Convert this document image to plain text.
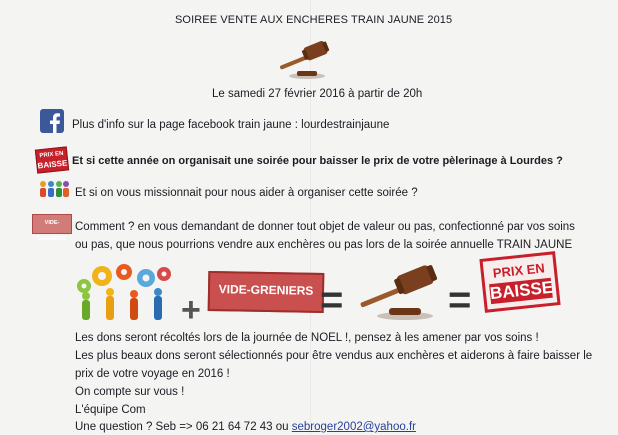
SOIREE VENTE AUX ENCHERES TRAIN JAUNE 2015
Le samedi 27 février 2016 à partir de 20h
Plus d'info sur la page facebook train jaune : lourdestrainjaune
PRIX EN
BAISSE Et si cette année on organisait une soirée pour baisser le prix de votre pèlerinage à Lourdes ?
Et si on vous missionnait pour nous aider à organiser cette soirée ?
VIDE-GRENIERS
Comment ? en vous demandant de donner tout objet de valeur ou pas, confectionné par vos soins
ou pas, que nous pourrions vendre aux enchères ou pas lors de la soirée annuelle TRAIN JAUNE
+
VIDE-GRENIERS =	=
PRIX EN
BAISSE
Les dons seront récoltés lors de la journée de NOEL !, pensez à les amener par vos soins !
Les plus beaux dons seront sélectionnés pour être vendus aux enchères et aiderons à faire baisser le
prix de votre voyage en 2016 !
On compte sur vous !
L'équipe Com
Une question ? Seb => 06 21 64 72 43 ou sebroger2002@yahoo.fr
